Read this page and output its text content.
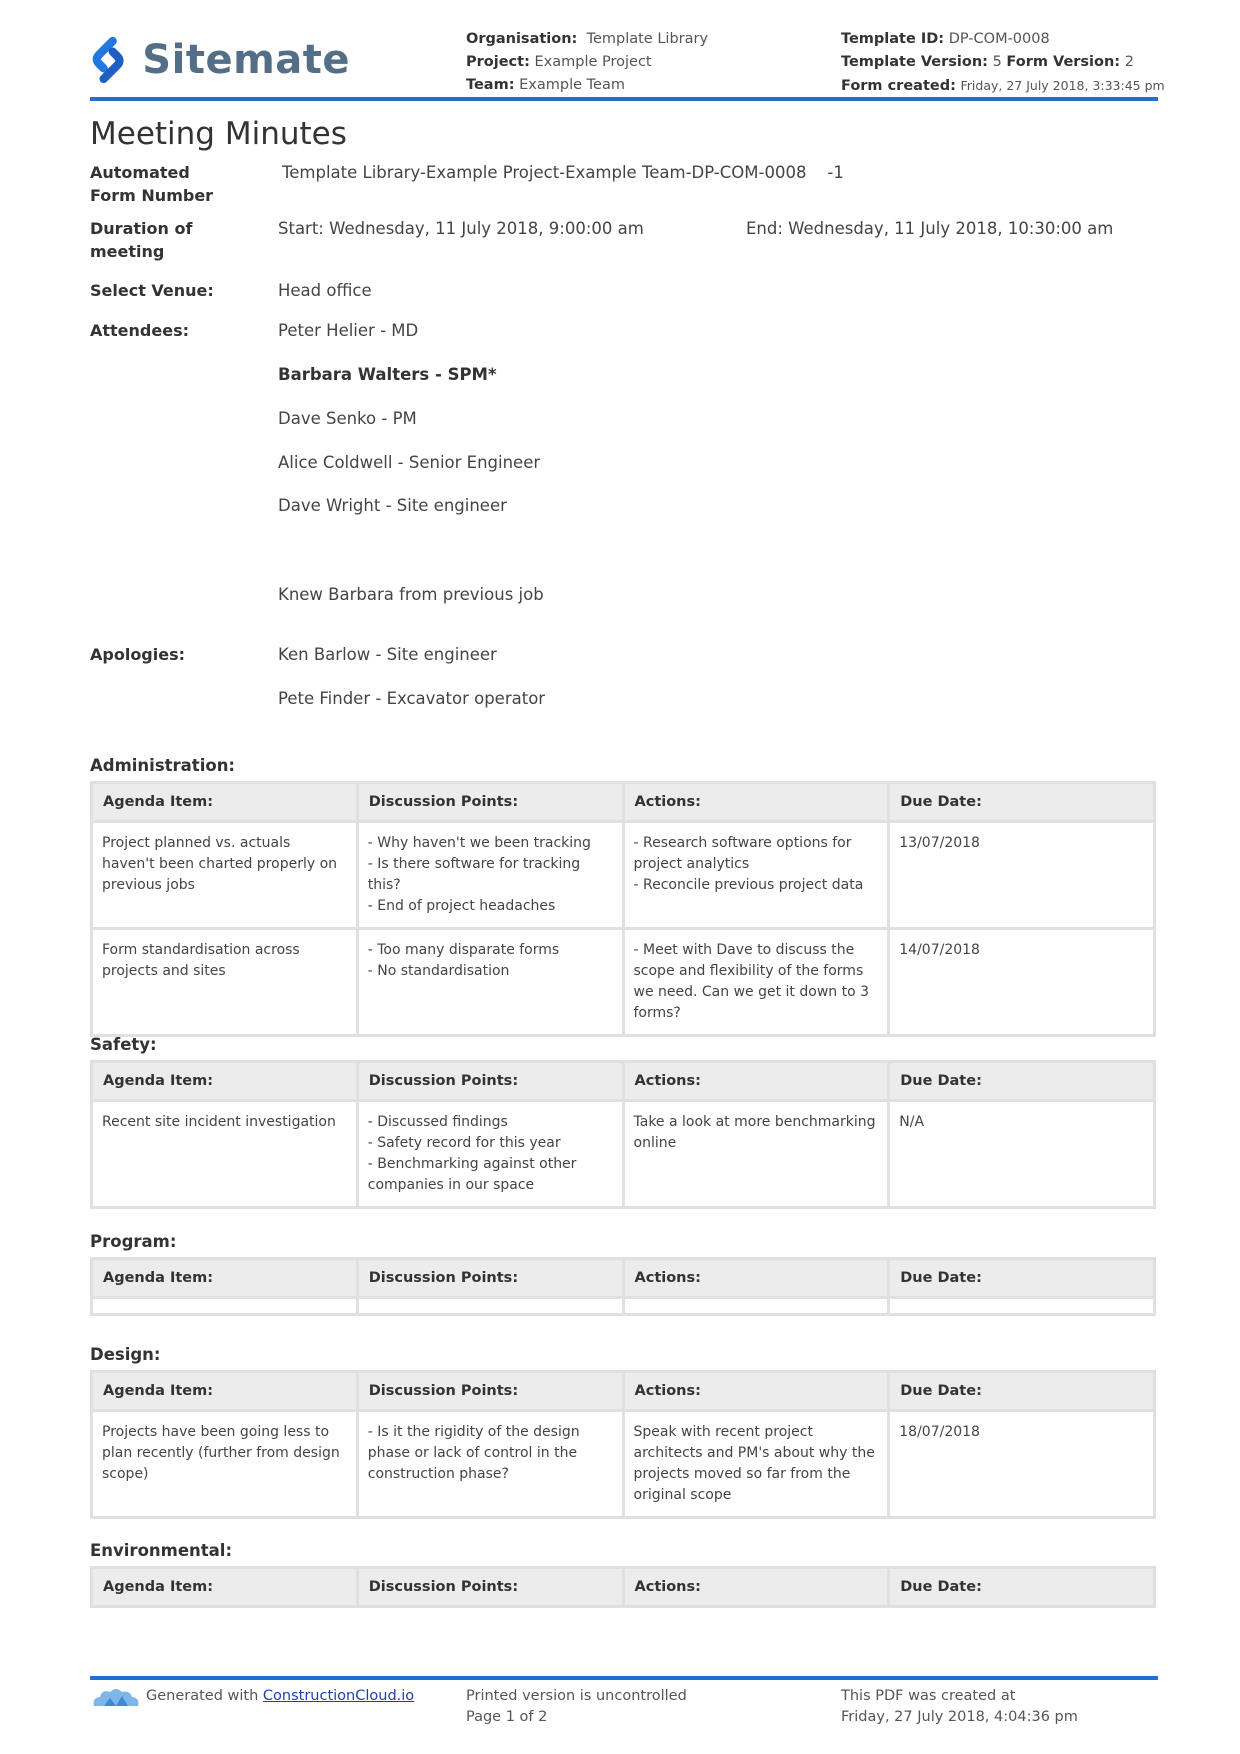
Sitemate	Organisation: Template Library
Project: Example Project
Team: Example Team
Template ID: DP-COM-0008
Template Version: 5 Form Version: 2
Form created: Friday, 27 July 2018, 3:33:45 pm
Meeting Minutes
Automated
Form Number
Template Library-Example Project-Example Team-DP-COM-0008    -1
Duration of
meeting
Start: Wednesday, 11 July 2018, 9:00:00 am	End: Wednesday, 11 July 2018, 10:30:00 am
Select Venue:	Head office
Attendees:	Peter Helier - MD
Barbara Walters - SPM*
Dave Senko - PM
Alice Coldwell - Senior Engineer
Dave Wright - Site engineer
Knew Barbara from previous job
Apologies:	Ken Barlow - Site engineer
Pete Finder - Excavator operator
Administration:
Agenda Item:	Discussion Points:	Actions:	Due Date:
Project planned vs. actuals haven't been charted properly on previous jobs	- Why haven't we been tracking
- Is there software for tracking this?
- End of project headaches	- Research software options for project analytics
- Reconcile previous project data	13/07/2018
Form standardisation across projects and sites	- Too many disparate forms
- No standardisation	- Meet with Dave to discuss the scope and flexibility of the forms we need. Can we get it down to 3 forms?	14/07/2018
Safety:
Agenda Item:	Discussion Points:	Actions:	Due Date:
Recent site incident investigation	- Discussed findings
- Safety record for this year
- Benchmarking against other companies in our space	Take a look at more benchmarking online	N/A
Program:
Agenda Item:	Discussion Points:	Actions:	Due Date:

Design:
Agenda Item:	Discussion Points:	Actions:	Due Date:
Projects have been going less to plan recently (further from design scope)	- Is it the rigidity of the design phase or lack of control in the construction phase?	Speak with recent project architects and PM's about why the projects moved so far from the original scope	18/07/2018
Environmental:
Agenda Item:	Discussion Points:	Actions:	Due Date:
Generated with ConstructionCloud.io	Printed version is uncontrolled
Page 1 of 2
This PDF was created at
Friday, 27 July 2018, 4:04:36 pm
